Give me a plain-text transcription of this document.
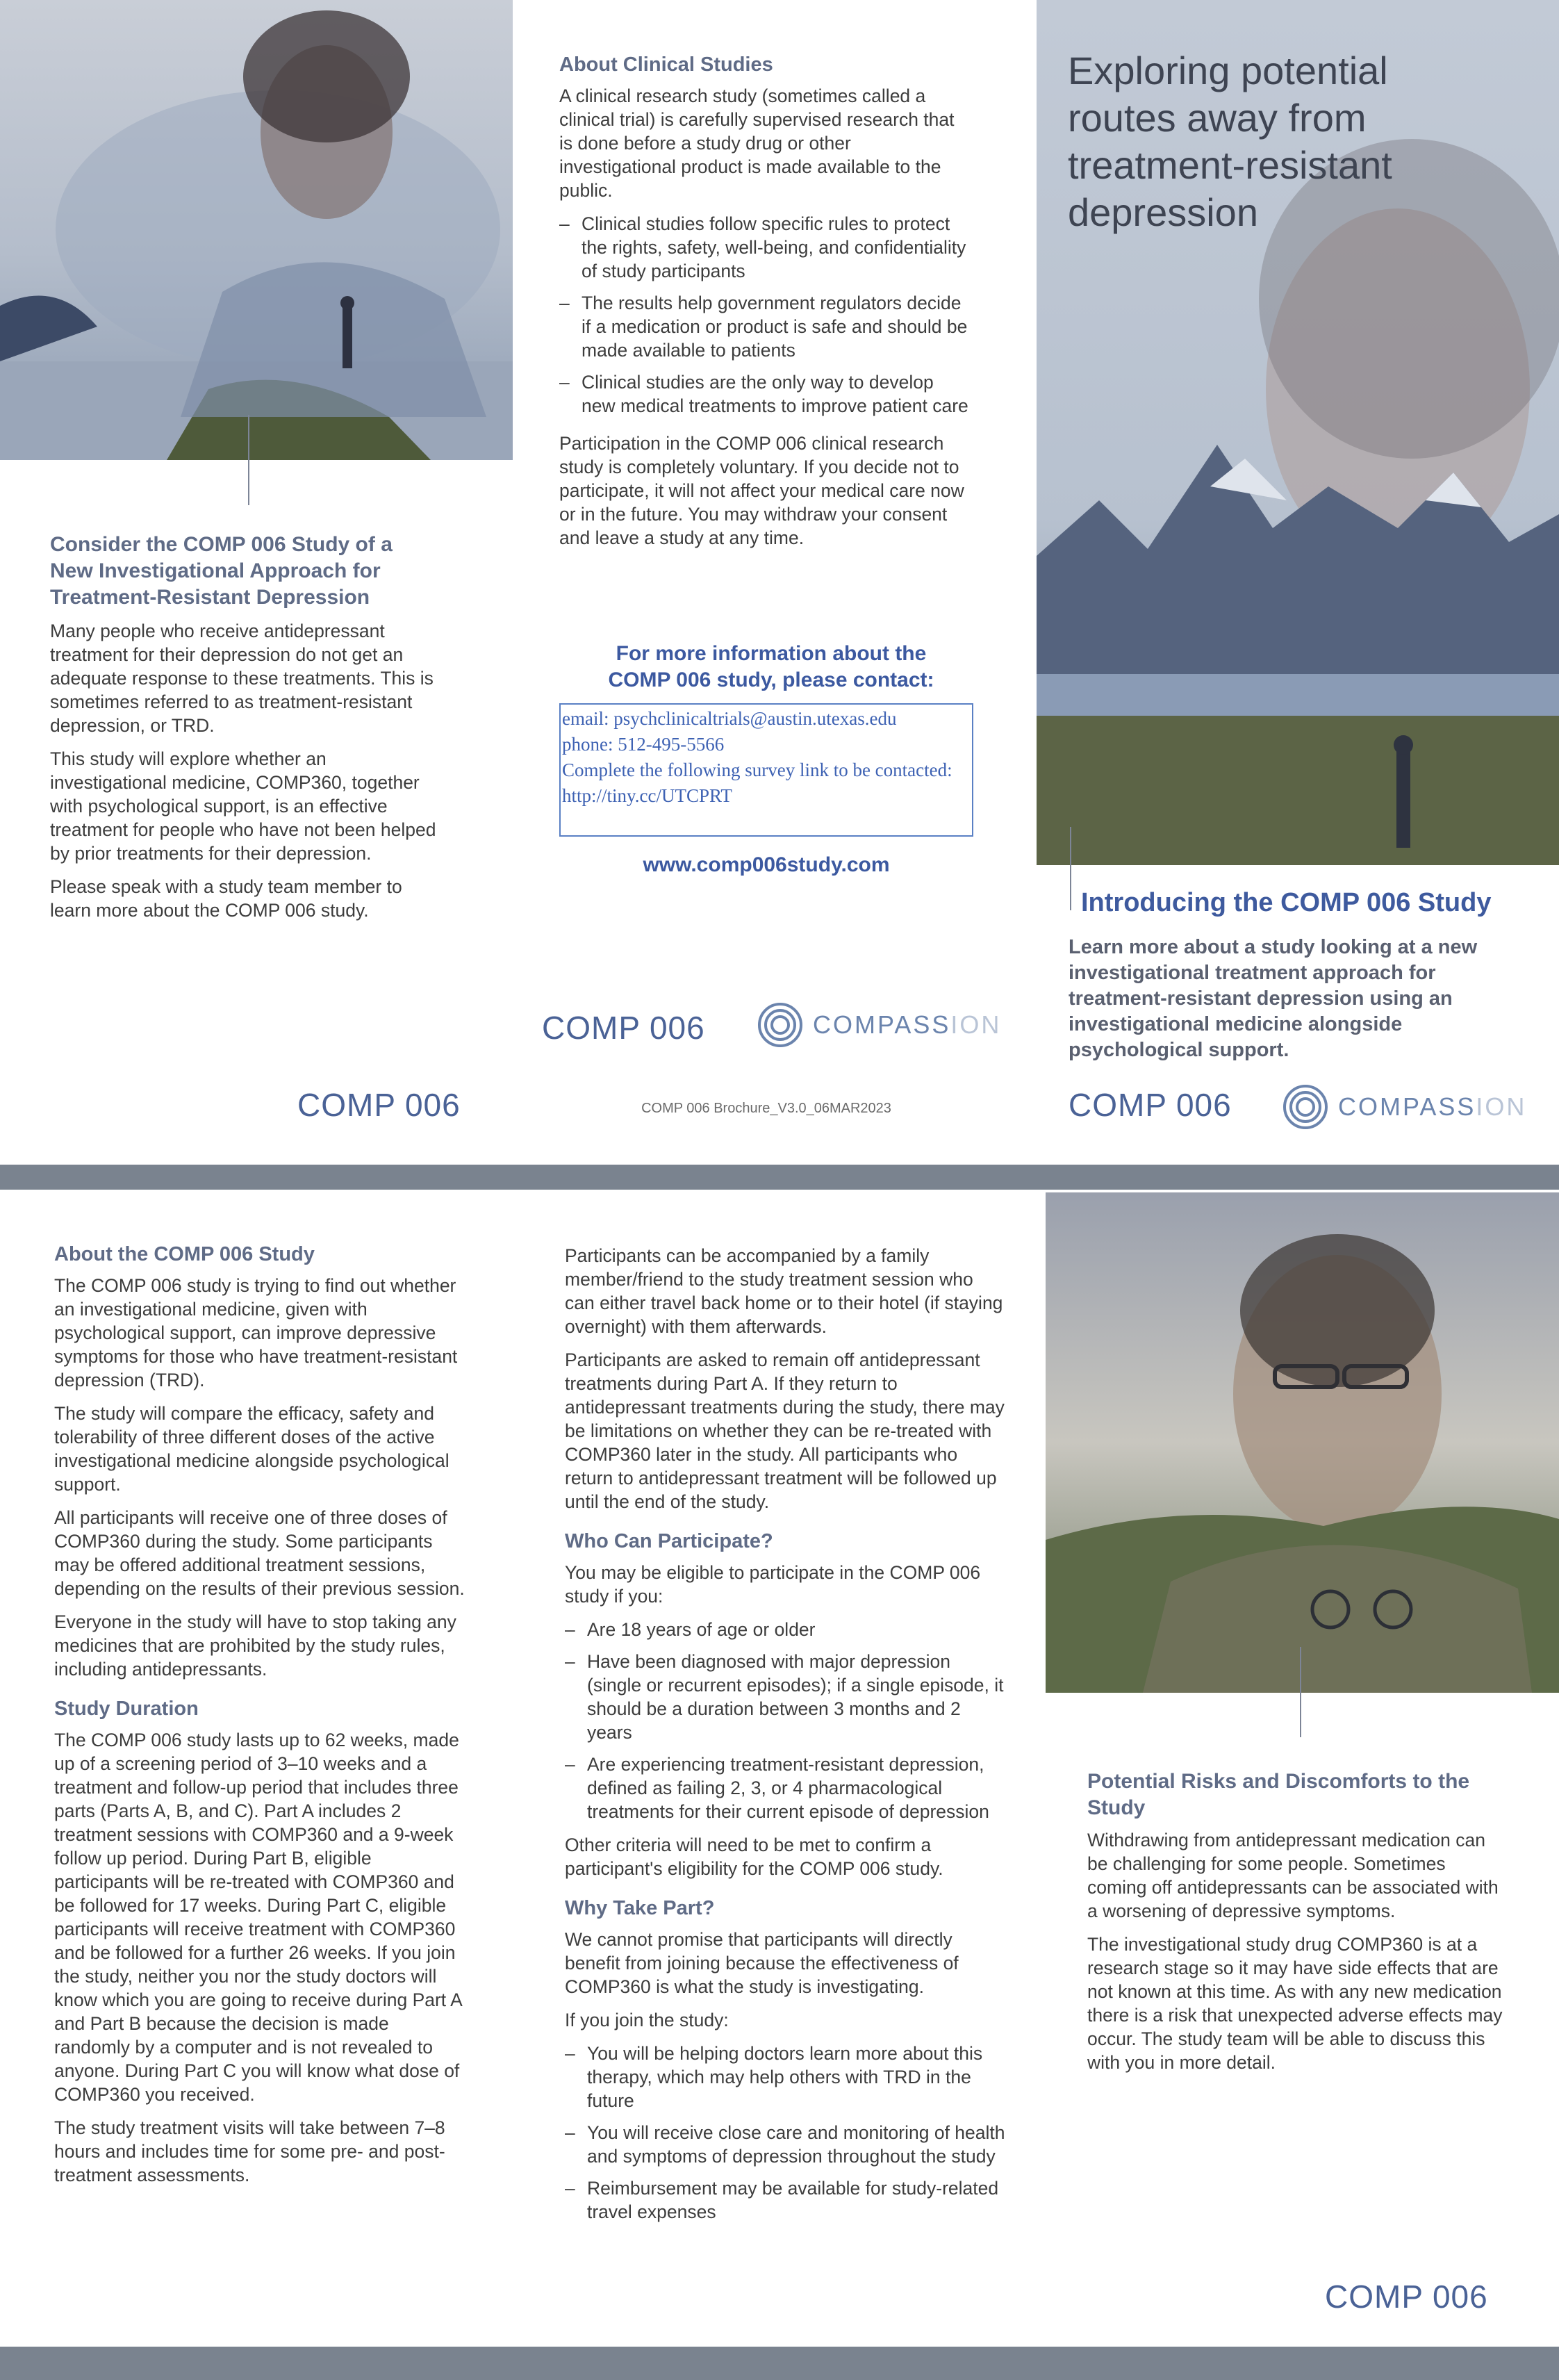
Consider the COMP 006 Study of a New Investigational Approach for Treatment-Resistant Depression

Many people who receive antidepressant treatment for their depression do not get an adequate response to these treatments. This is sometimes referred to as treatment-resistant depression, or TRD.

This study will explore whether an investigational medicine, COMP360, together with psychological support, is an effective treatment for people who have not been helped by prior treatments for their depression.

Please speak with a study team member to learn more about the COMP 006 study.

COMP 006
About Clinical Studies

A clinical research study (sometimes called a clinical trial) is carefully supervised research that is done before a study drug or other investigational product is made available to the public.

– Clinical studies follow specific rules to protect the rights, safety, well-being, and confidentiality of study participants
– The results help government regulators decide if a medication or product is safe and should be made available to patients
– Clinical studies are the only way to develop new medical treatments to improve patient care

Participation in the COMP 006 clinical research study is completely voluntary. If you decide not to participate, it will not affect your medical care now or in the future. You may withdraw your consent and leave a study at any time.

For more information about the COMP 006 study, please contact:
email: psychclinicaltrials@austin.utexas.edu
phone: 512-495-5566
Complete the following survey link to be contacted:
http://tiny.cc/UTCPRT
www.comp006study.com
COMP 006	COMPASSION
COMP 006 Brochure_V3.0_06MAR2023
Exploring potential routes away from treatment-resistant depression
Introducing the COMP 006 Study
Learn more about a study looking at a new investigational treatment approach for treatment-resistant depression using an investigational medicine alongside psychological support.
COMP 006	COMPASSION
About the COMP 006 Study

The COMP 006 study is trying to find out whether an investigational medicine, given with psychological support, can improve depressive symptoms for those who have treatment-resistant depression (TRD).

The study will compare the efficacy, safety and tolerability of three different doses of the active investigational medicine alongside psychological support.

All participants will receive one of three doses of COMP360 during the study. Some participants may be offered additional treatment sessions, depending on the results of their previous session.

Everyone in the study will have to stop taking any medicines that are prohibited by the study rules, including antidepressants.

Study Duration

The COMP 006 study lasts up to 62 weeks, made up of a screening period of 3–10 weeks and a treatment and follow-up period that includes three parts (Parts A, B, and C). Part A includes 2 treatment sessions with COMP360 and a 9-week follow up period. During Part B, eligible participants will be re-treated with COMP360 and be followed for 17 weeks. During Part C, eligible participants will receive treatment with COMP360 and be followed for a further 26 weeks. If you join the study, neither you nor the study doctors will know which you are going to receive during Part A and Part B because the decision is made randomly by a computer and is not revealed to anyone. During Part C you will know what dose of COMP360 you received.

The study treatment visits will take between 7–8 hours and includes time for some pre- and post-treatment assessments.

Participants can be accompanied by a family member/friend to the study treatment session who can either travel back home or to their hotel (if staying overnight) with them afterwards.

Participants are asked to remain off antidepressant treatments during Part A. If they return to antidepressant treatments during the study, there may be limitations on whether they can be re-treated with COMP360 later in the study. All participants who return to antidepressant treatment will be followed up until the end of the study.

Who Can Participate?

You may be eligible to participate in the COMP 006 study if you:

– Are 18 years of age or older
– Have been diagnosed with major depression (single or recurrent episodes); if a single episode, it should be a duration between 3 months and 2 years
– Are experiencing treatment-resistant depression, defined as failing 2, 3, or 4 pharmacological treatments for their current episode of depression

Other criteria will need to be met to confirm a participant's eligibility for the COMP 006 study.

Why Take Part?

We cannot promise that participants will directly benefit from joining because the effectiveness of COMP360 is what the study is investigating.

If you join the study:

– You will be helping doctors learn more about this therapy, which may help others with TRD in the future
– You will receive close care and monitoring of health and symptoms of depression throughout the study
– Reimbursement may be available for study-related travel expenses
Potential Risks and Discomforts to the Study

Withdrawing from antidepressant medication can be challenging for some people. Sometimes coming off antidepressants can be associated with a worsening of depressive symptoms.

The investigational study drug COMP360 is at a research stage so it may have side effects that are not known at this time. As with any new medication there is a risk that unexpected adverse effects may occur. The study team will be able to discuss this with you in more detail.

COMP 006
